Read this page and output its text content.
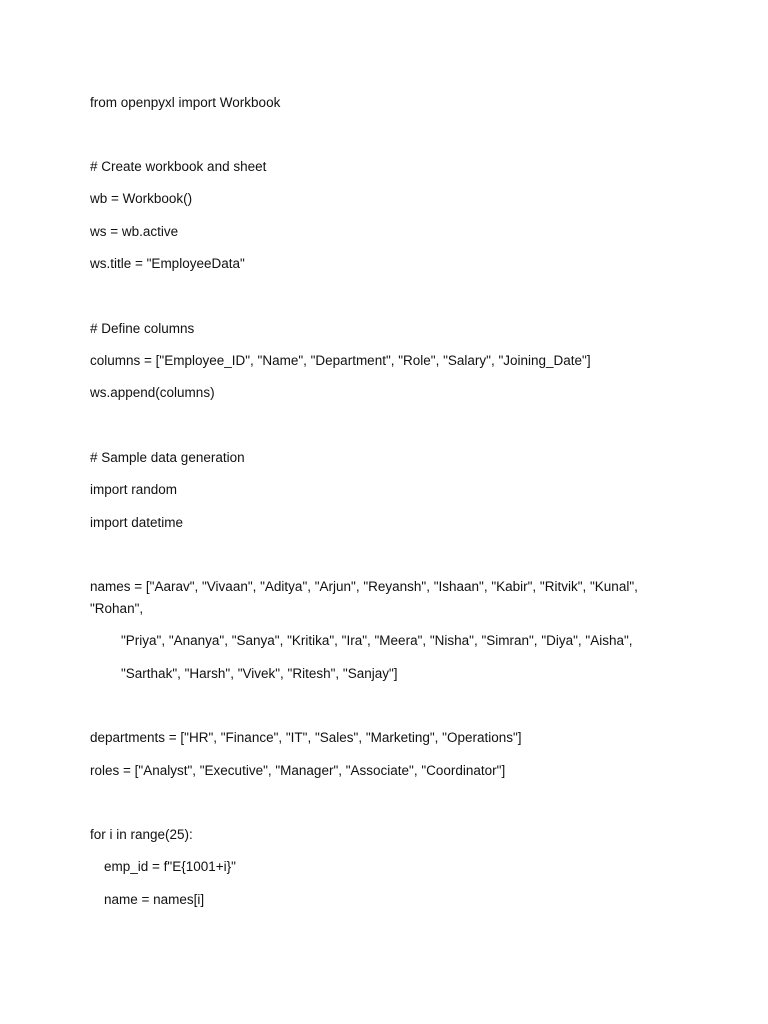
from openpyxl import Workbook
# Create workbook and sheet
wb = Workbook()
ws = wb.active
ws.title = "EmployeeData"
# Define columns
columns = ["Employee_ID", "Name", "Department", "Role", "Salary", "Joining_Date"]
ws.append(columns)
# Sample data generation
import random
import datetime
names = ["Aarav", "Vivaan", "Aditya", "Arjun", "Reyansh", "Ishaan", "Kabir", "Ritvik", "Kunal",
"Rohan",
"Priya", "Ananya", "Sanya", "Kritika", "Ira", "Meera", "Nisha", "Simran", "Diya", "Aisha",
"Sarthak", "Harsh", "Vivek", "Ritesh", "Sanjay"]
departments = ["HR", "Finance", "IT", "Sales", "Marketing", "Operations"]
roles = ["Analyst", "Executive", "Manager", "Associate", "Coordinator"]
for i in range(25):
emp_id = f"E{1001+i}"
name = names[i]
